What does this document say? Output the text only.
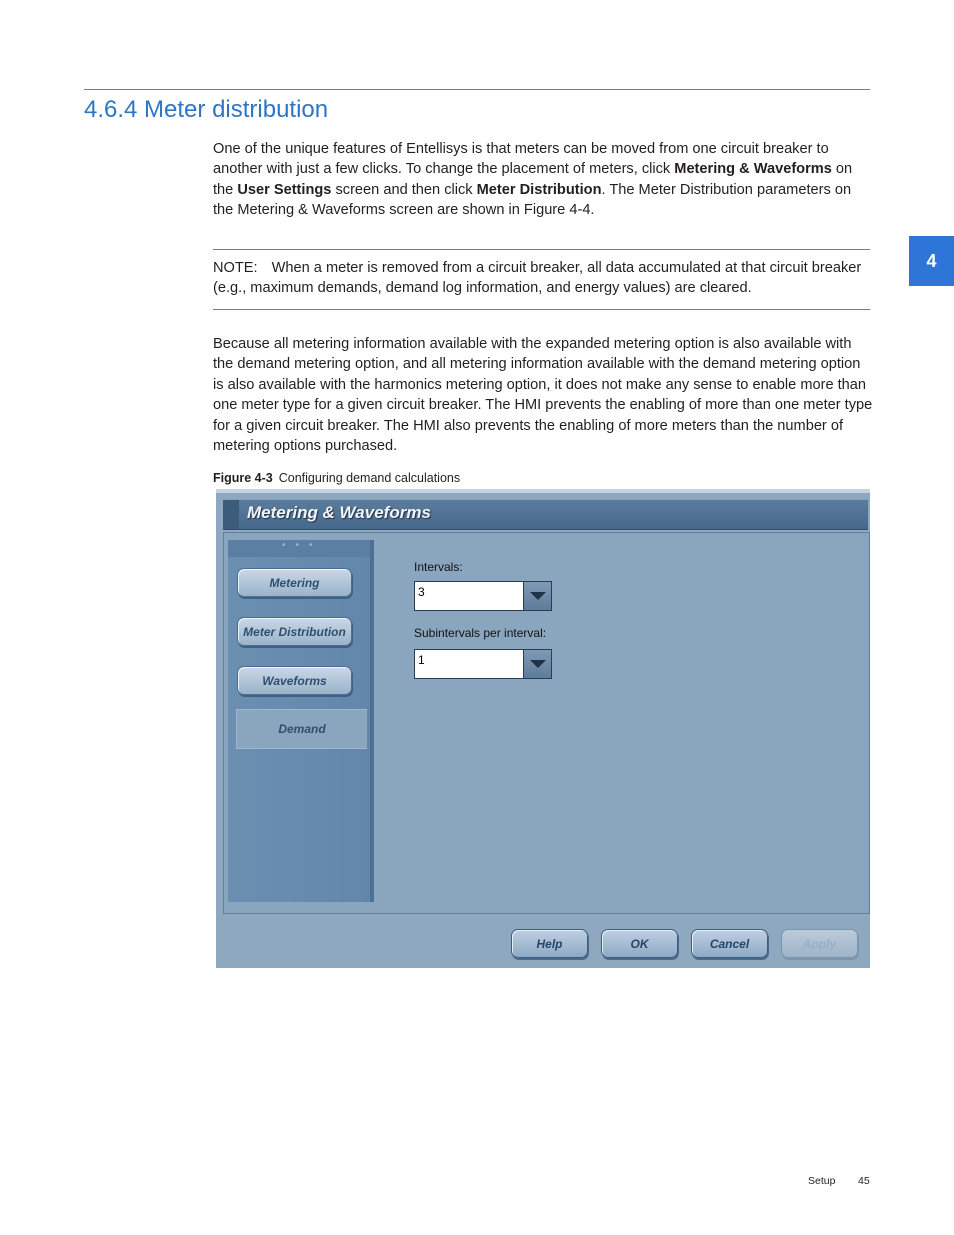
4.6.4 Meter distribution

One of the unique features of Entellisys is that meters can be moved from one circuit breaker to another with just a few clicks. To change the placement of meters, click Metering & Waveforms on the User Settings screen and then click Meter Distribution. The Meter Distribution parameters on the Metering & Waveforms screen are shown in Figure 4-4.

NOTE: When a meter is removed from a circuit breaker, all data accumulated at that circuit breaker (e.g., maximum demands, demand log information, and energy values) are cleared.

4

Because all metering information available with the expanded metering option is also available with the demand metering option, and all metering information available with the demand metering option is also available with the harmonics metering option, it does not make any sense to enable more than one meter type for a given circuit breaker. The HMI prevents the enabling of more than one meter type for a given circuit breaker. The HMI also prevents the enabling of more meters than the number of metering options purchased.

Figure 4-3 Configuring demand calculations

Metering & Waveforms
•••
Metering
Meter Distribution
Waveforms
Demand
Intervals:
3
Subintervals per interval:
1
Help	OK	Cancel	Apply
Setup 45
